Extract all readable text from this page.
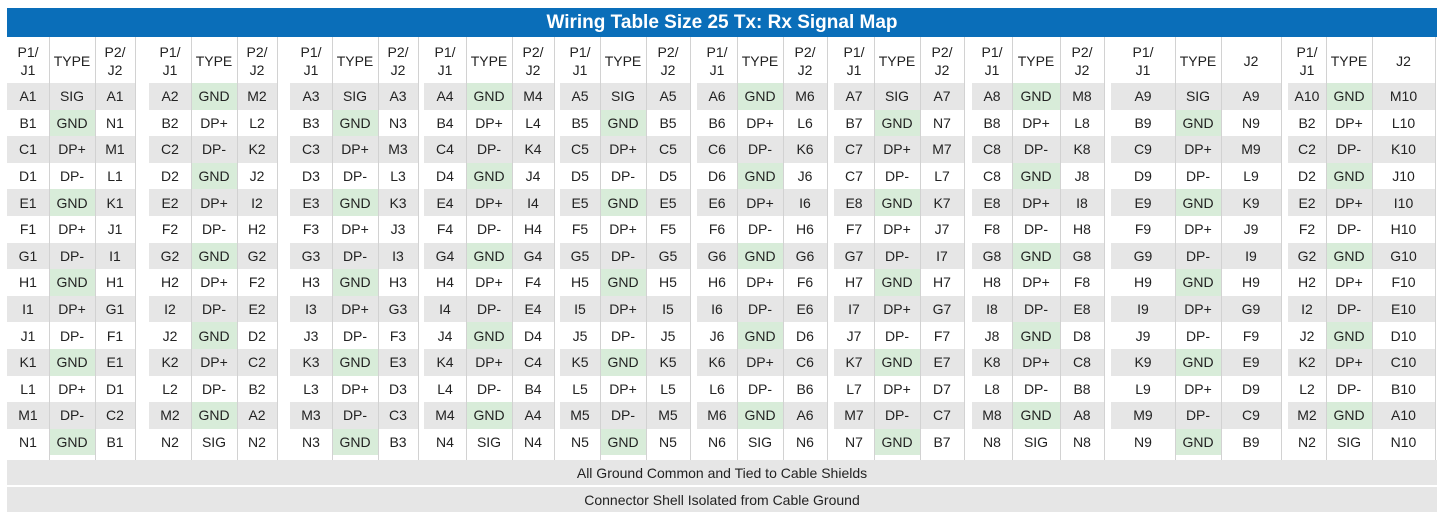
Wiring Table Size 25 Tx: Rx Signal Map
P1/
J1
TYPE
P2/
J2
A1	SIG	A1
B1	GND	N1
C1	DP+	M1
D1	DP-	L1
E1	GND	K1
F1	DP+	J1
G1	DP-	I1
H1	GND	H1
I1	DP+	G1
J1	DP-	F1
K1	GND	E1
L1	DP+	D1
M1	DP-	C2
N1	GND	B1
P1/
J1
TYPE
P2/
J2
A2	GND	M2
B2	DP+	L2
C2	DP-	K2
D2	GND	J2
E2	DP+	I2
F2	DP-	H2
G2	GND	G2
H2	DP+	F2
I2	DP-	E2
J2	GND	D2
K2	DP+	C2
L2	DP-	B2
M2	GND	A2
N2	SIG	N2
P1/
J1
TYPE
P2/
J2
A3	SIG	A3
B3	GND	N3
C3	DP+	M3
D3	DP-	L3
E3	GND	K3
F3	DP+	J3
G3	DP-	I3
H3	GND	H3
I3	DP+	G3
J3	DP-	F3
K3	GND	E3
L3	DP+	D3
M3	DP-	C3
N3	GND	B3
P1/
J1
TYPE
P2/
J2
A4	GND	M4
B4	DP+	L4
C4	DP-	K4
D4	GND	J4
E4	DP+	I4
F4	DP-	H4
G4	GND	G4
H4	DP+	F4
I4	DP-	E4
J4	GND	D4
K4	DP+	C4
L4	DP-	B4
M4	GND	A4
N4	SIG	N4
P1/
J1
TYPE
P2/
J2
A5	SIG	A5
B5	GND	B5
C5	DP+	C5
D5	DP-	D5
E5	GND	E5
F5	DP+	F5
G5	DP-	G5
H5	GND	H5
I5	DP+	I5
J5	DP-	J5
K5	GND	K5
L5	DP+	L5
M5	DP-	M5
N5	GND	N5
P1/
J1
TYPE
P2/
J2
A6	GND	M6
B6	DP+	L6
C6	DP-	K6
D6	GND	J6
E6	DP+	I6
F6	DP-	H6
G6	GND	G6
H6	DP+	F6
I6	DP-	E6
J6	GND	D6
K6	DP+	C6
L6	DP-	B6
M6	GND	A6
N6	SIG	N6
P1/
J1
TYPE
P2/
J2
A7	SIG	A7
B7	GND	N7
C7	DP+	M7
C7	DP-	L7
E8	GND	K7
F7	DP+	J7
G7	DP-	I7
H7	GND	H7
I7	DP+	G7
J7	DP-	F7
K7	GND	E7
L7	DP+	D7
M7	DP-	C7
N7	GND	B7
P1/
J1
TYPE
P2/
J2
A8	GND	M8
B8	DP+	L8
C8	DP-	K8
C8	GND	J8
E8	DP+	I8
F8	DP-	H8
G8	GND	G8
H8	DP+	F8
I8	DP-	E8
J8	GND	D8
K8	DP+	C8
L8	DP-	B8
M8	GND	A8
N8	SIG	N8
P1/
J1
TYPE	J2
A9	SIG	A9
B9	GND	N9
C9	DP+	M9
D9	DP-	L9
E9	GND	K9
F9	DP+	J9
G9	DP-	I9
H9	GND	H9
I9	DP+	G9
J9	DP-	F9
K9	GND	E9
L9	DP+	D9
M9	DP-	C9
N9	GND	B9
P1/
J1
TYPE	J2
A10 GND	M10
B2	DP+	L10
C2	DP-	K10
D2	GND	J10
E2	DP+	I10
F2	DP-	H10
G2	GND	G10
H2	DP+	F10
I2	DP-	E10
J2	GND	D10
K2	DP+	C10
L2	DP-	B10
M2	GND	A10
N2	SIG	N10
All Ground Common and Tied to Cable Shields
Connector Shell Isolated from Cable Ground
